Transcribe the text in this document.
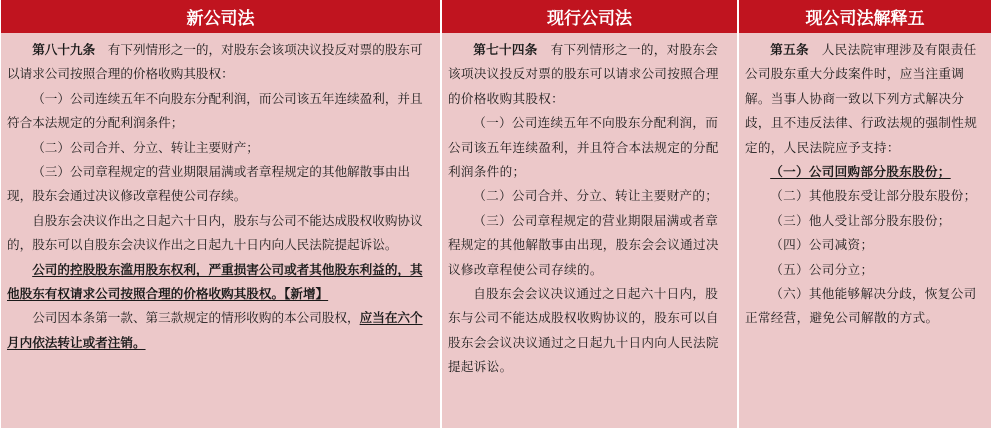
新公司法	现行公司法	现公司法解释五

第八十九条　 有下列情形之一的，对股东会该项决议投反对票的股东可以请求公司按照合理的价格收购其股权：

（一）公司连续五年不向股东分配利润，而公司该五年连续盈利，并且符合本法规定的分配利润条件；

（二）公司合并、分立、转让主要财产；

（三）公司章程规定的营业期限届满或者章程规定的其他解散事由出现，股东会通过决议修改章程使公司存续。

自股东会决议作出之日起六十日内，股东与公司不能达成股权收购协议的，股东可以自股东会决议作出之日起九十日内向人民法院提起诉讼。

公司的控股股东滥用股东权利，严重损害公司或者其他股东利益的，其他股东有权请求公司按照合理的价格收购其股权。【新增】

公司因本条第一款、第三款规定的情形收购的本公司股权，应当在六个月内依法转让或者注销。

第七十四条　 有下列情形之一的，对股东会该项决议投反对票的股东可以请求公司按照合理的价格收购其股权：

（一）公司连续五年不向股东分配利润，而公司该五年连续盈利，并且符合本法规定的分配利润条件的；

（二）公司合并、分立、转让主要财产的；

（三）公司章程规定的营业期限届满或者章程规定的其他解散事由出现，股东会会议通过决议修改章程使公司存续的。

自股东会会议决议通过之日起六十日内，股东与公司不能达成股权收购协议的，股东可以自股东会会议决议通过之日起九十日内向人民法院提起诉讼。

第五条　 人民法院审理涉及有限责任公司股东重大分歧案件时，应当注重调解。当事人协商一致以下列方式解决分歧，且不违反法律、行政法规的强制性规定的，人民法院应予支持：

（一）公司回购部分股东股份；

（二）其他股东受让部分股东股份；

（三）他人受让部分股东股份；

（四）公司减资；

（五）公司分立；

（六）其他能够解决分歧，恢复公司正常经营，避免公司解散的方式。
